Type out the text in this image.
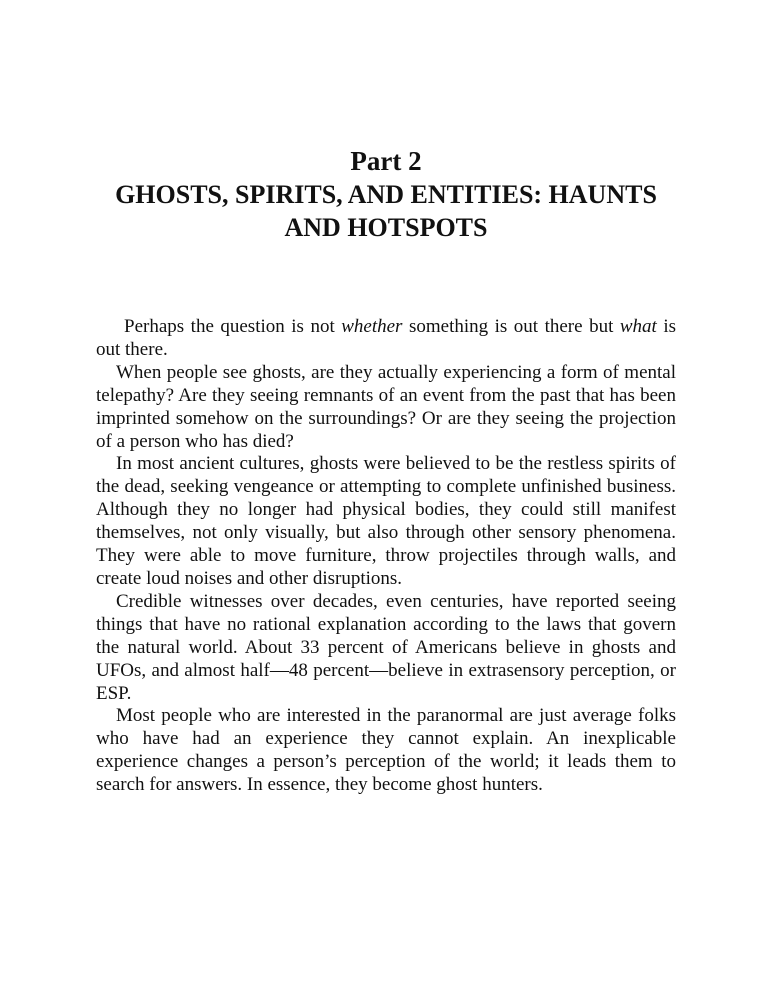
Part 2

GHOSTS, SPIRITS, AND ENTITIES: HAUNTS AND HOTSPOTS

Perhaps the question is not whether something is out there but what is out there.

When people see ghosts, are they actually experiencing a form of mental telepathy? Are they seeing remnants of an event from the past that has been imprinted somehow on the surroundings? Or are they seeing the projection of a person who has died?

In most ancient cultures, ghosts were believed to be the restless spirits of the dead, seeking vengeance or attempting to complete unfinished business. Although they no longer had physical bodies, they could still manifest themselves, not only visually, but also through other sensory phenomena. They were able to move furniture, throw projectiles through walls, and create loud noises and other disruptions.

Credible witnesses over decades, even centuries, have reported seeing things that have no rational explanation according to the laws that govern the natural world. About 33 percent of Americans believe in ghosts and UFOs, and almost half—48 percent—believe in extrasensory perception, or ESP.

Most people who are interested in the paranormal are just average folks who have had an experience they cannot explain. An inexplicable experience changes a person’s perception of the world; it leads them to search for answers. In essence, they become ghost hunters.
